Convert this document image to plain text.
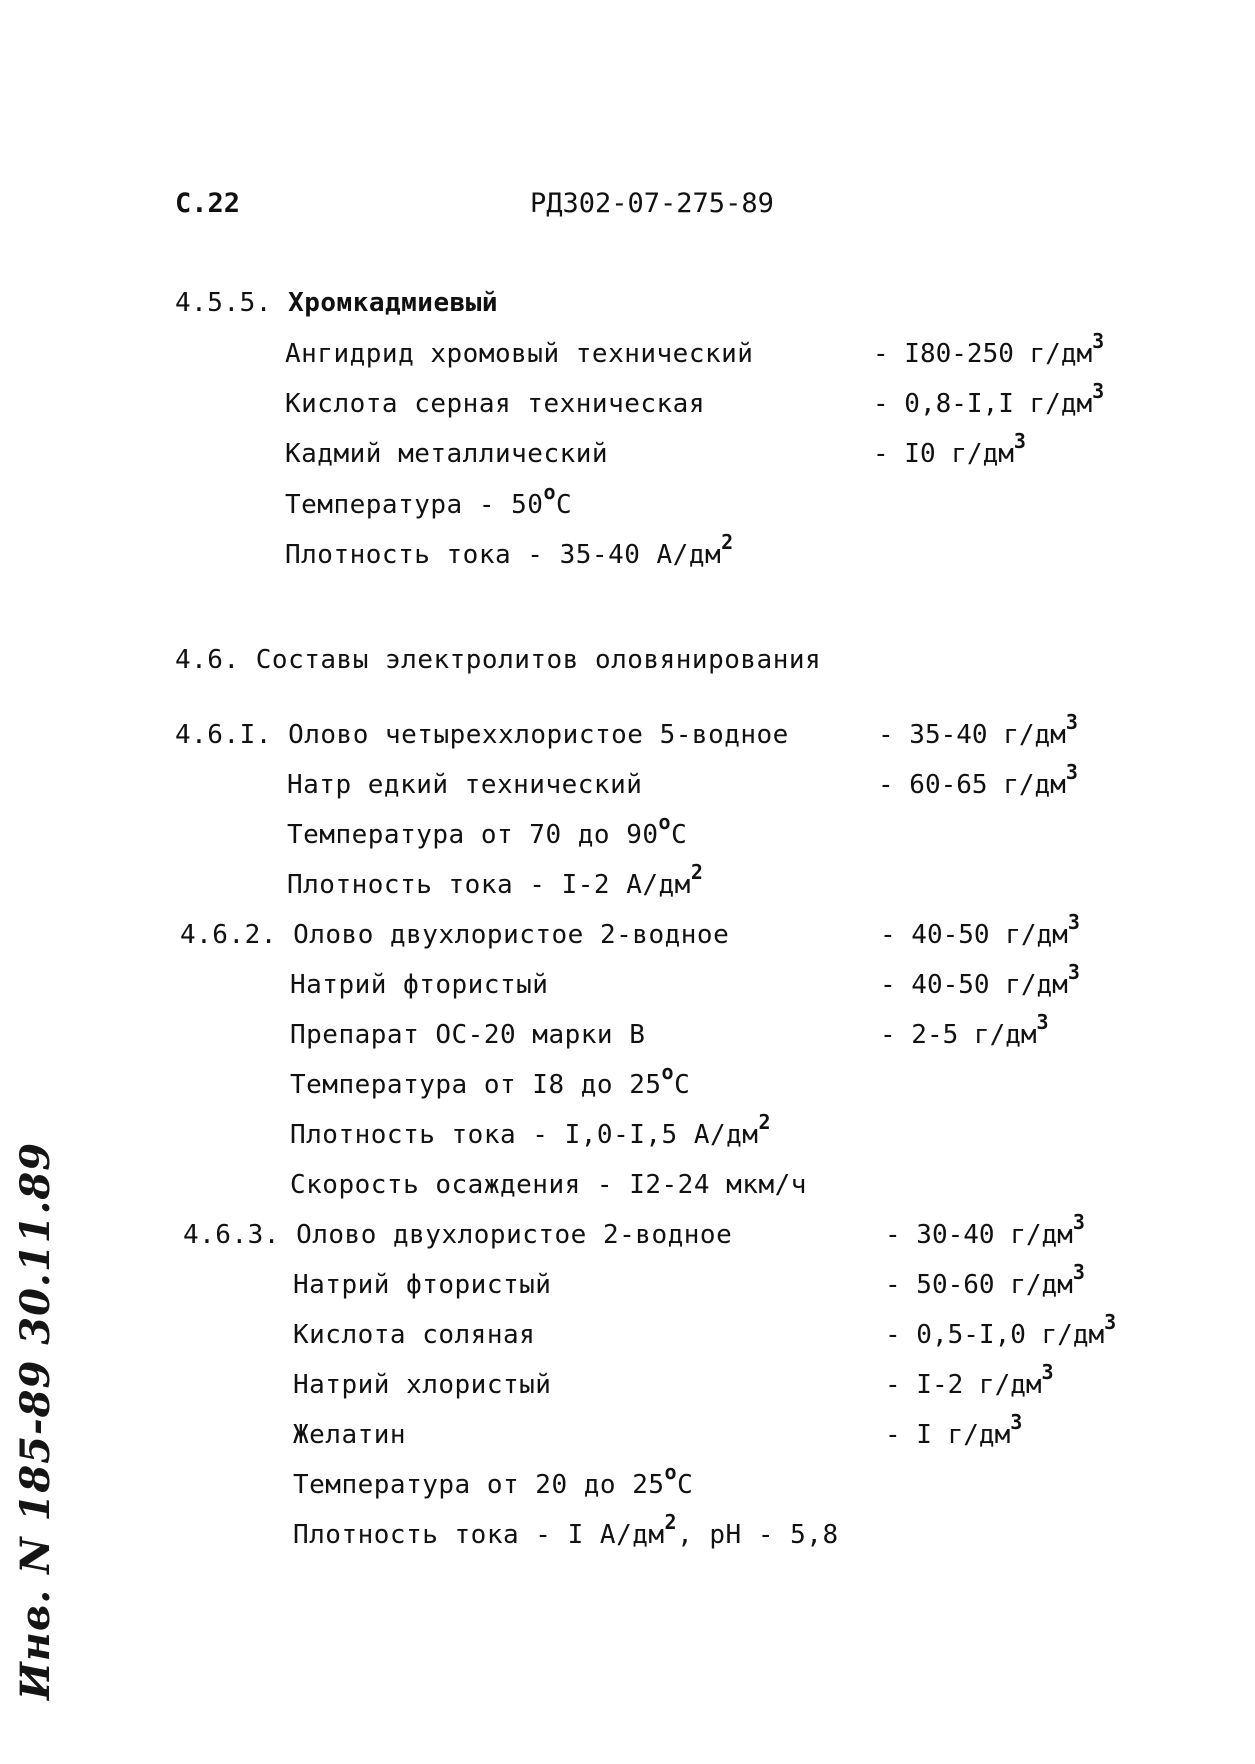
С.22	РД302-07-275-89
4.5.5. Хромкадмиевый
Ангидрид хромовый технический	- I80-250 $г/дм^3$
Кислота серная техническая	- 0,8-I,I $г/дм^3$
Кадмий металлический	- I0 $г/дм^3$
Температура - $50^оС$
Плотность тока - 35-40 $А/дм^2$
4.6. Составы электролитов оловянирования
4.6.I. Олово четыреххлористое 5-водное	- 35-40 $г/дм^3$
Натр едкий технический	- 60-65 $г/дм^3$
Температура от 70 до $90^оС$
Плотность тока - I-2 $А/дм^2$
4.6.2. Олово двухлористое 2-водное	- 40-50 $г/дм^3$
Натрий фтористый	- 40-50 $г/дм^3$
Препарат ОС-20 марки В	- 2-5 $г/дм^3$
Температура от I8 до $25^оС$
Плотность тока - I,0-I,5 $А/дм^2$
Скорость осаждения - I2-24 мкм/ч
4.6.3. Олово двухлористое 2-водное	- 30-40 $г/дм^3$
Натрий фтористый	- 50-60 $г/дм^3$
Кислота соляная	- 0,5-I,0 $г/дм^3$
Натрий хлористый	- I-2 $г/дм^3$
Желатин	- I $г/дм^3$
Температура от 20 до $25^оС$
Плотность тока - I $А/дм^2$, рН - 5,8
Инв. N 185-89 30.11.89
